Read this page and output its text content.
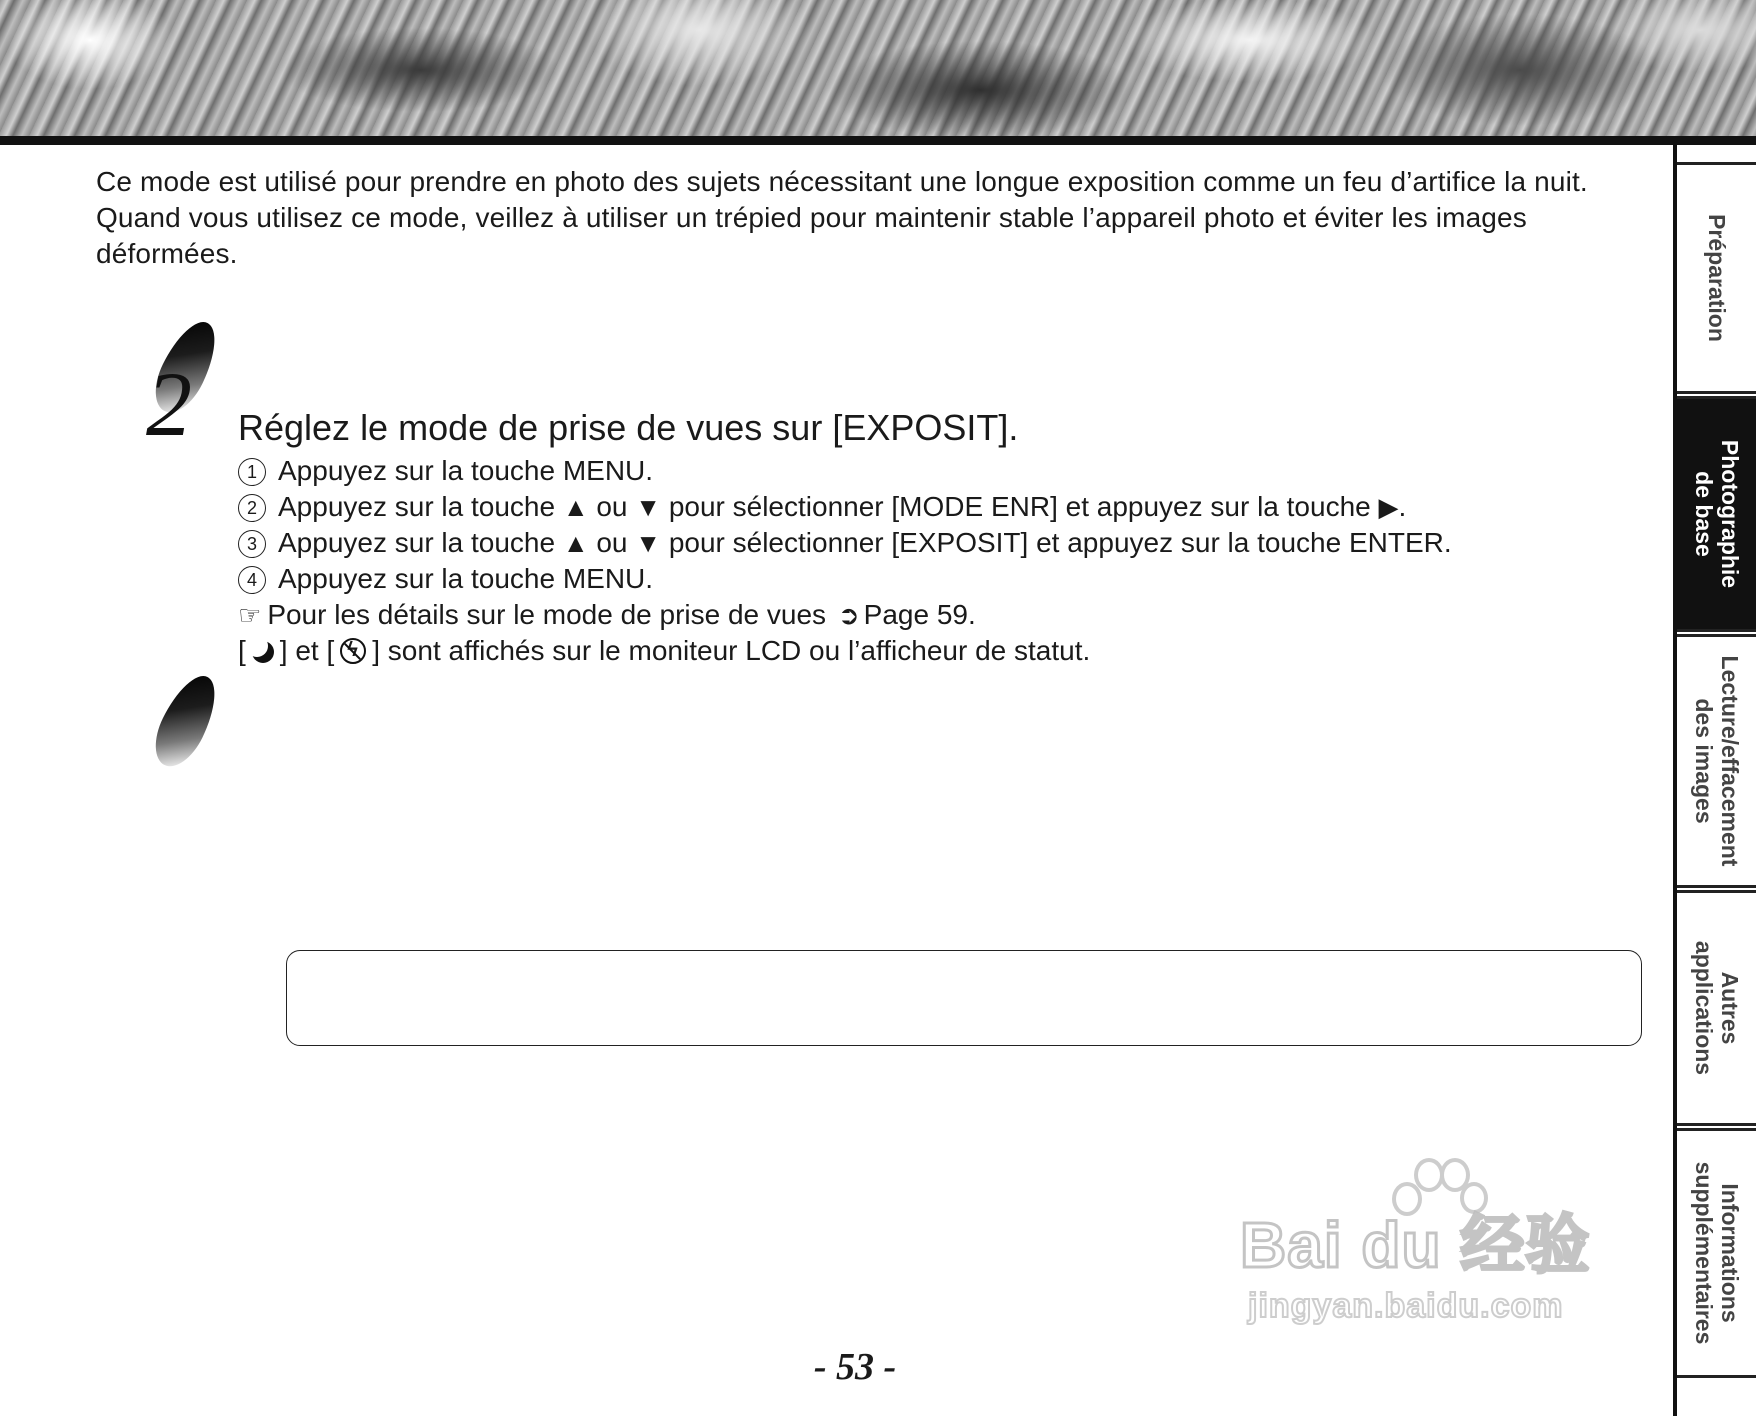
Ce mode est utilisé pour prendre en photo des sujets nécessitant une longue exposition comme un feu d’artifice la nuit. Quand vous utilisez ce mode, veillez à utiliser un trépied pour maintenir stable l’appareil photo et éviter les images déformées.

2 Réglez le mode de prise de vues sur [EXPOSIT].
1 Appuyez sur la touche MENU.
2 Appuyez sur la touche ▲ ou ▼ pour sélectionner [MODE ENR] et appuyez sur la touche ▶.
3 Appuyez sur la touche ▲ ou ▼ pour sélectionner [EXPOSIT] et appuyez sur la touche ENTER.
4 Appuyez sur la touche MENU.
☞ Pour les détails sur le mode de prise de vues ➲ Page 59.
[ ] et [ϟ ] sont affichés sur le moniteur LCD ou l’afficheur de statut.
Bai du 经验
jingyan.baidu.com
- 53 -
Préparation
Photographie
de base
Lecture/effacement
des images
Autres
applications
Informations
supplémentaires
